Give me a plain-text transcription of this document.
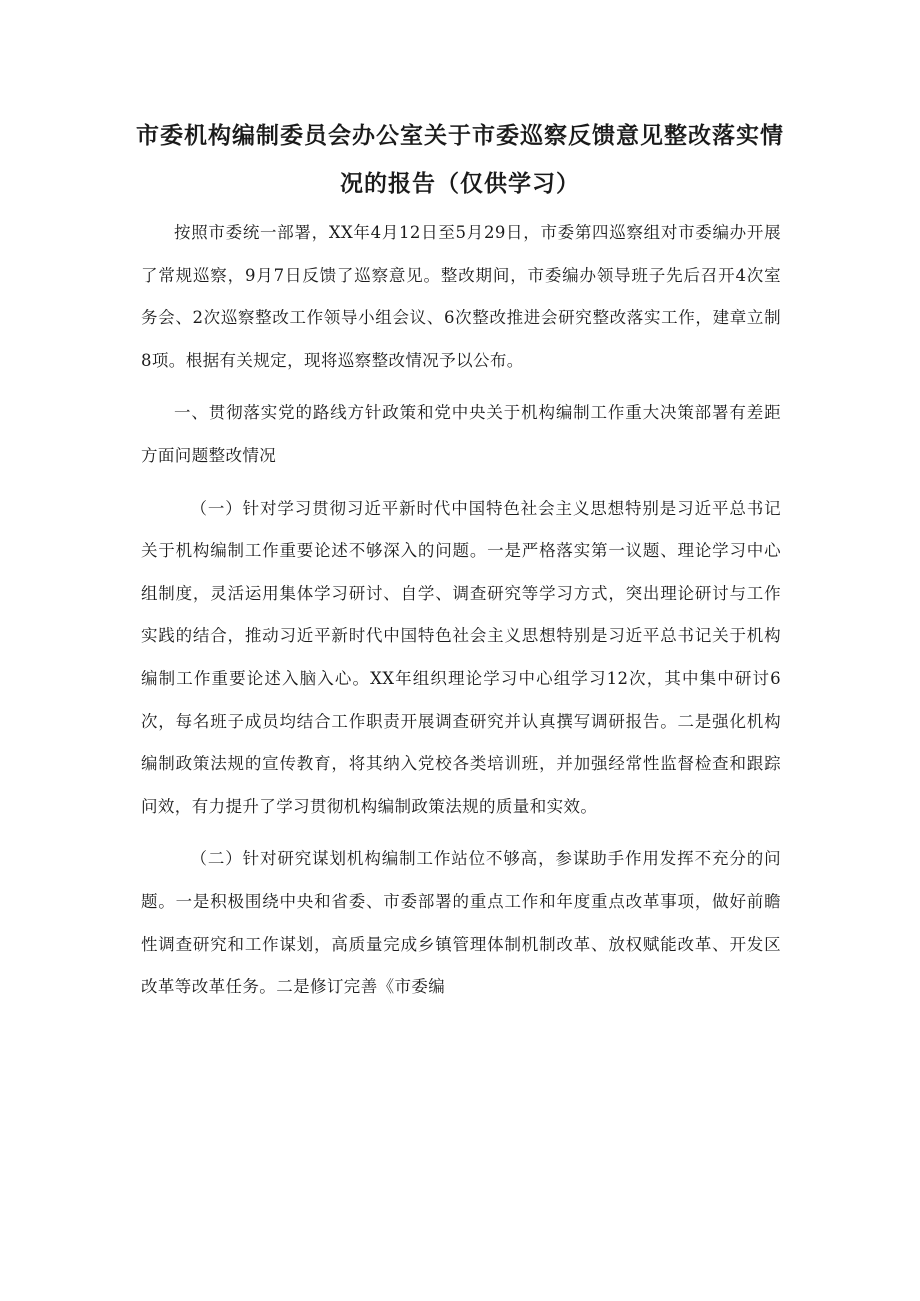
市委机构编制委员会办公室关于市委巡察反馈意见整改落实情况的报告（仅供学习）

按照市委统一部署，XX年4月12日至5月29日，市委第四巡察组对市委编办开展了常规巡察，9月7日反馈了巡察意见。整改期间，市委编办领导班子先后召开4次室务会、2次巡察整改工作领导小组会议、6次整改推进会研究整改落实工作，建章立制8项。根据有关规定，现将巡察整改情况予以公布。

一、贯彻落实党的路线方针政策和党中央关于机构编制工作重大决策部署有差距方面问题整改情况

（一）针对学习贯彻习近平新时代中国特色社会主义思想特别是习近平总书记关于机构编制工作重要论述不够深入的问题。一是严格落实第一议题、理论学习中心组制度，灵活运用集体学习研讨、自学、调查研究等学习方式，突出理论研讨与工作实践的结合，推动习近平新时代中国特色社会主义思想特别是习近平总书记关于机构编制工作重要论述入脑入心。XX年组织理论学习中心组学习12次，其中集中研讨6次，每名班子成员均结合工作职责开展调查研究并认真撰写调研报告。二是强化机构编制政策法规的宣传教育，将其纳入党校各类培训班，并加强经常性监督检查和跟踪问效，有力提升了学习贯彻机构编制政策法规的质量和实效。

（二）针对研究谋划机构编制工作站位不够高，参谋助手作用发挥不充分的问题。一是积极围绕中央和省委、市委部署的重点工作和年度重点改革事项，做好前瞻性调查研究和工作谋划，高质量完成乡镇管理体制机制改革、放权赋能改革、开发区改革等改革任务。二是修订完善《市委编
